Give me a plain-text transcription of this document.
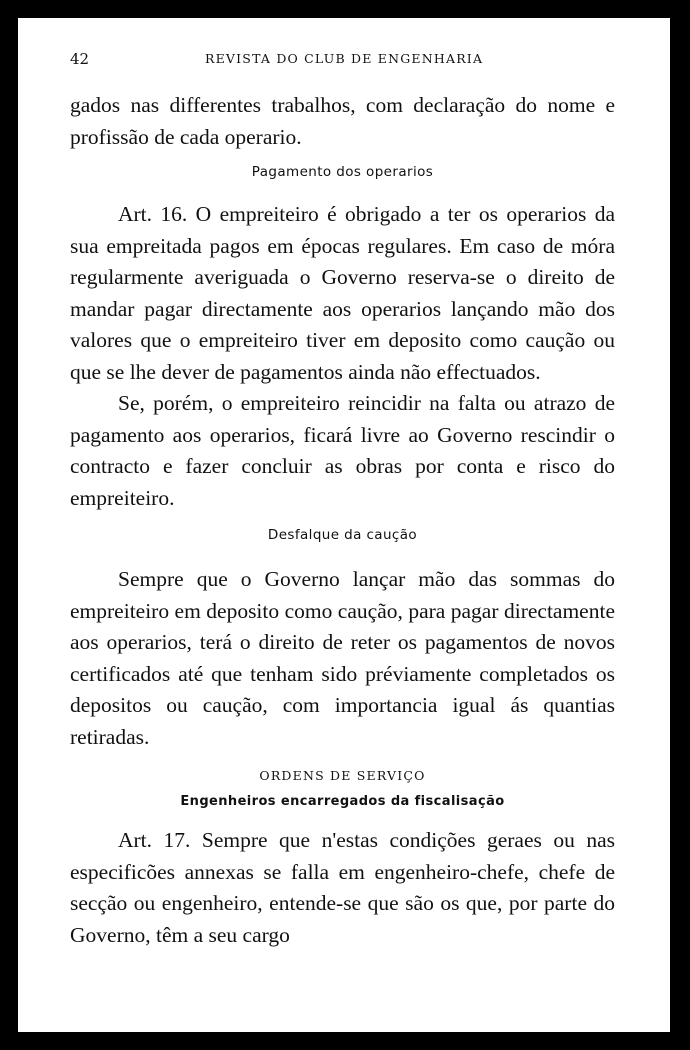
42	REVISTA DO CLUB DE ENGENHARIA

gados nas differentes trabalhos, com declaração do nome e profissão de cada operario.

Pagamento dos operarios

Art. 16. O empreiteiro é obrigado a ter os operarios da sua empreitada pagos em épocas regulares. Em caso de móra regularmente averiguada o Governo reserva-se o direito de mandar pagar directamente aos operarios lançando mão dos valores que o empreiteiro tiver em deposito como caução ou que se lhe dever de pagamentos ainda não effectuados.

Se, porém, o empreiteiro reincidir na falta ou atrazo de pagamento aos operarios, ficará livre ao Governo rescindir o contracto e fazer concluir as obras por conta e risco do empreiteiro.

Desfalque da caução

Sempre que o Governo lançar mão das sommas do empreiteiro em deposito como caução, para pagar directamente aos operarios, terá o direito de reter os pagamentos de novos certificados até que tenham sido préviamente completados os depositos ou caução, com importancia igual ás quantias retiradas.

ORDENS DE SERVIÇO
Engenheiros encarregados da fiscalisação

Art. 17. Sempre que n'estas condições geraes ou nas especificões annexas se falla em engenheiro-chefe, chefe de secção ou engenheiro, entende-se que são os que, por parte do Governo, têm a seu cargo
